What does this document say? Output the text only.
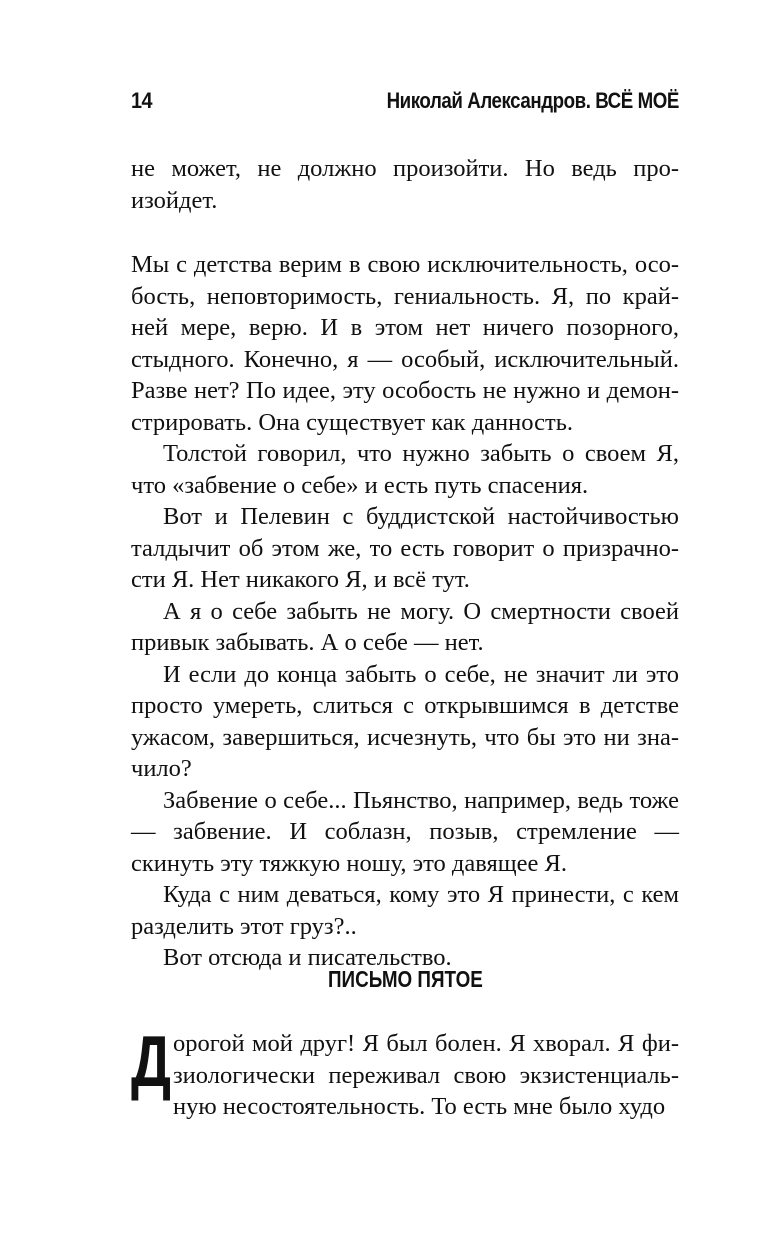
14	Николай Александров. ВСЁ МОЁ

не может, не должно произойти. Но ведь произойдет.

Мы с детства верим в свою исключительность, особость, неповторимость, гениальность. Я, по крайней мере, верю. И в этом нет ничего позорного, стыдного. Конечно, я — особый, исключительный. Разве нет? По идее, эту особость не нужно и демонстрировать. Она существует как данность.

Толстой говорил, что нужно забыть о своем Я, что «забвение о себе» и есть путь спасения.

Вот и Пелевин с буддистской настойчивостью талдычит об этом же, то есть говорит о призрачности Я. Нет никакого Я, и всё тут.

А я о себе забыть не могу. О смертности своей привык забывать. А о себе — нет.

И если до конца забыть о себе, не значит ли это просто умереть, слиться с открывшимся в детстве ужасом, завершиться, исчезнуть, что бы это ни значило?

Забвение о себе... Пьянство, например, ведь тоже — забвение. И соблазн, позыв, стремление — скинуть эту тяжкую ношу, это давящее Я.

Куда с ним деваться, кому это Я принести, с кем разделить этот груз?..

Вот отсюда и писательство.

ПИСЬМО ПЯТОЕ
Д орогой мой друг! Я был болен. Я хворал. Я физиологически переживал свою экзистенциальную несостоятельность. То есть мне было худо
